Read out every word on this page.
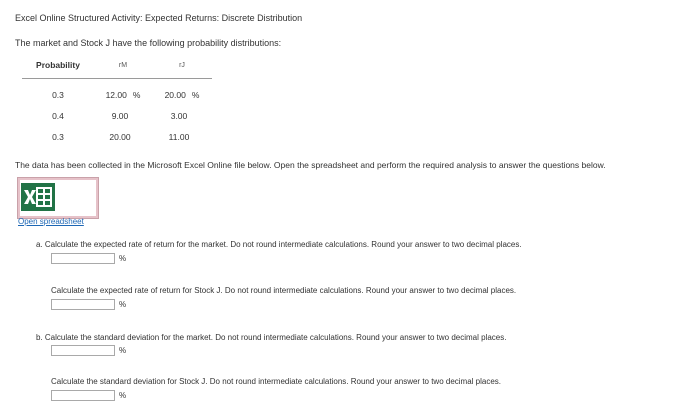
Excel Online Structured Activity: Expected Returns: Discrete Distribution
The market and Stock J have the following probability distributions:
Probability	rM	rJ
0.3	12.00 %	20.00 %
0.4	9.00	3.00
0.3	20.00	11.00
The data has been collected in the Microsoft Excel Online file below. Open the spreadsheet and perform the required analysis to answer the questions below.
Open spreadsheet
a. Calculate the expected rate of return for the market. Do not round intermediate calculations. Round your answer to two decimal places.
%
Calculate the expected rate of return for Stock J. Do not round intermediate calculations. Round your answer to two decimal places.
%
b. Calculate the standard deviation for the market. Do not round intermediate calculations. Round your answer to two decimal places.
%
Calculate the standard deviation for Stock J. Do not round intermediate calculations. Round your answer to two decimal places.
%
